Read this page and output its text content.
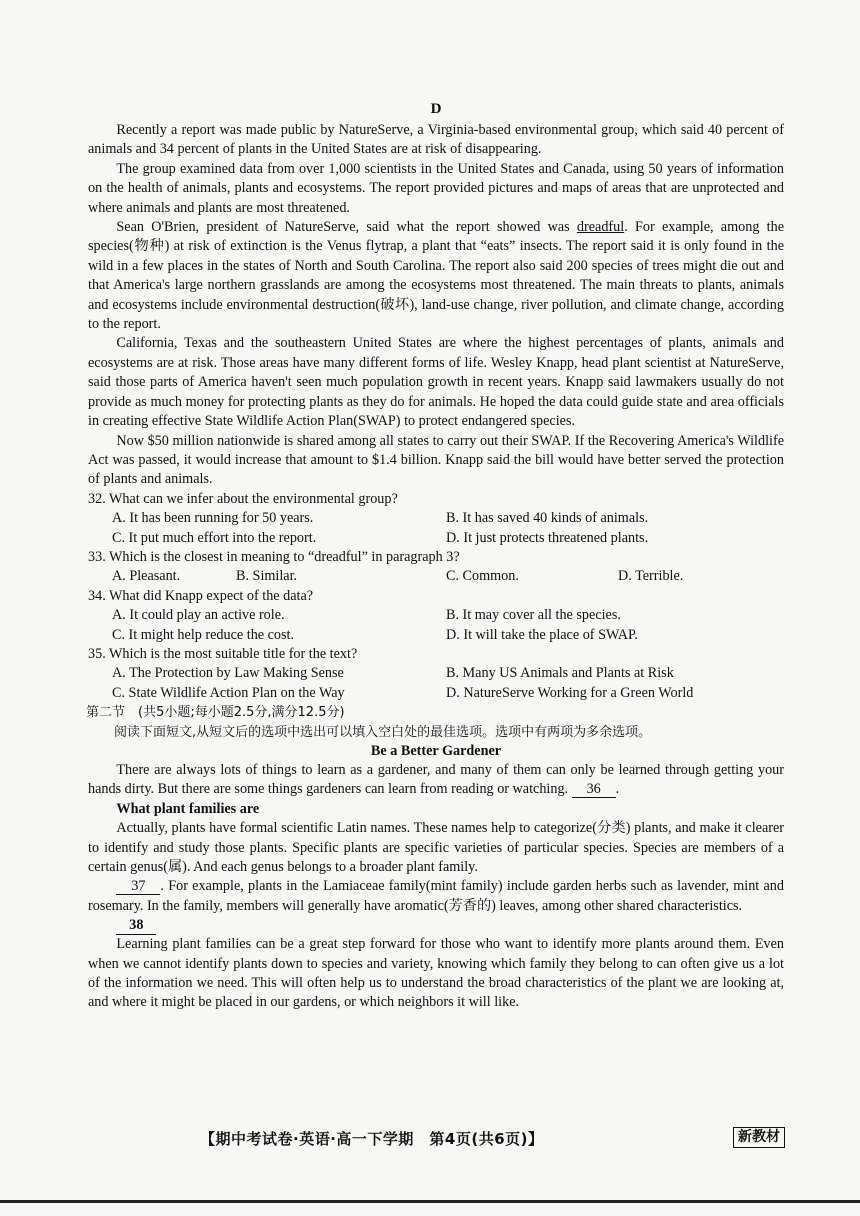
D

Recently a report was made public by NatureServe, a Virginia-based environmental group, which said 40 percent of animals and 34 percent of plants in the United States are at risk of disappearing.

The group examined data from over 1,000 scientists in the United States and Canada, using 50 years of information on the health of animals, plants and ecosystems. The report provided pictures and maps of areas that are unprotected and where animals and plants are most threatened.

Sean O'Brien, president of NatureServe, said what the report showed was dreadful. For example, among the species(物种) at risk of extinction is the Venus flytrap, a plant that “eats” insects. The report said it is only found in the wild in a few places in the states of North and South Carolina. The report also said 200 species of trees might die out and that America's large northern grasslands are among the ecosystems most threatened. The main threats to plants, animals and ecosystems include environmental destruction(破坏), land-use change, river pollution, and climate change, according to the report.

California, Texas and the southeastern United States are where the highest percentages of plants, animals and ecosystems are at risk. Those areas have many different forms of life. Wesley Knapp, head plant scientist at NatureServe, said those parts of America haven't seen much population growth in recent years. Knapp said lawmakers usually do not provide as much money for protecting plants as they do for animals. He hoped the data could guide state and area officials in creating effective State Wildlife Action Plan(SWAP) to protect endangered species.

Now $50 million nationwide is shared among all states to carry out their SWAP. If the Recovering America's Wildlife Act was passed, it would increase that amount to $1.4 billion. Knapp said the bill would have better served the protection of plants and animals.

32. What can we infer about the environmental group?
A. It has been running for 50 years.	B. It has saved 40 kinds of animals.
C. It put much effort into the report.	D. It just protects threatened plants.
33. Which is the closest in meaning to “dreadful” in paragraph 3?
A. Pleasant.	B. Similar.	C. Common.	D. Terrible.
34. What did Knapp expect of the data?
A. It could play an active role.	B. It may cover all the species.
C. It might help reduce the cost.	D. It will take the place of SWAP.
35. Which is the most suitable title for the text?
A. The Protection by Law Making Sense	B. Many US Animals and Plants at Risk
C. State Wildlife Action Plan on the Way	D. NatureServe Working for a Green World
第二节　(共5小题;每小题2.5分,满分12.5分)
阅读下面短文,从短文后的选项中选出可以填入空白处的最佳选项。选项中有两项为多余选项。
Be a Better Gardener

There are always lots of things to learn as a gardener, and many of them can only be learned through getting your hands dirty. But there are some things gardeners can learn from reading or watching. 36 .

What plant families are

Actually, plants have formal scientific Latin names. These names help to categorize(分类) plants, and make it clearer to identify and study those plants. Specific plants are specific varieties of particular species. Species are members of a certain genus(属). And each genus belongs to a broader plant family.

37 . For example, plants in the Lamiaceae family(mint family) include garden herbs such as lavender, mint and rosemary. In the family, members will generally have aromatic(芳香的) leaves, among other shared characteristics.

38

Learning plant families can be a great step forward for those who want to identify more plants around them. Even when we cannot identify plants down to species and variety, knowing which family they belong to can often give us a lot of the information we need. This will often help us to understand the broad characteristics of the plant we are looking at, and where it might be placed in our gardens, or which neighbors it will like.

【期中考试卷·英语·高一下学期　第4页(共6页)】	新教材
